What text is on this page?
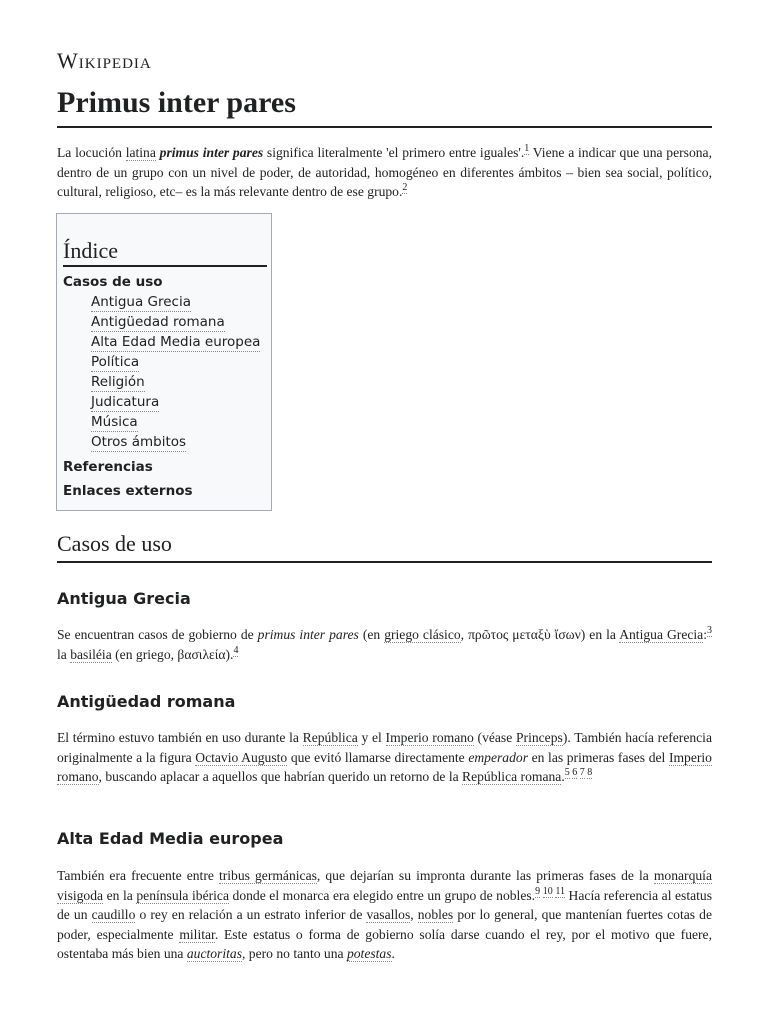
Wikipedia
Primus inter pares

La locución latina primus inter pares significa literalmente 'el primero entre iguales'.$^1$ Viene a indicar que una persona, dentro de un grupo con un nivel de poder, de autoridad, homogéneo en diferentes ámbitos – bien sea social, político, cultural, religioso, etc– es la más relevante dentro de ese grupo.$^2$

Índice
Casos de uso
Antigua Grecia
Antigüedad romana
Alta Edad Media europea
Política
Religión
Judicatura
Música
Otros ámbitos
Referencias
Enlaces externos
Casos de uso
Antigua Grecia

Se encuentran casos de gobierno de primus inter pares (en griego clásico, πρῶτος μεταξὺ ἴσων) en la Antigua Grecia:$^3$ la basiléia (en griego, βασιλεία).$^4$

Antigüedad romana

El término estuvo también en uso durante la República y el Imperio romano (véase Princeps). También hacía referencia originalmente a la figura Octavio Augusto que evitó llamarse directamente emperador en las primeras fases del Imperio romano, buscando aplacar a aquellos que habrían querido un retorno de la República romana.$^{5 6 7 8}$

Alta Edad Media europea

También era frecuente entre tribus germánicas, que dejarían su impronta durante las primeras fases de la monarquía visigoda en la península ibérica donde el monarca era elegido entre un grupo de nobles.$^{9 10 11}$ Hacía referencia al estatus de un caudillo o rey en relación a un estrato inferior de vasallos, nobles por lo general, que mantenían fuertes cotas de poder, especialmente militar. Este estatus o forma de gobierno solía darse cuando el rey, por el motivo que fuere, ostentaba más bien una auctoritas, pero no tanto una potestas.
